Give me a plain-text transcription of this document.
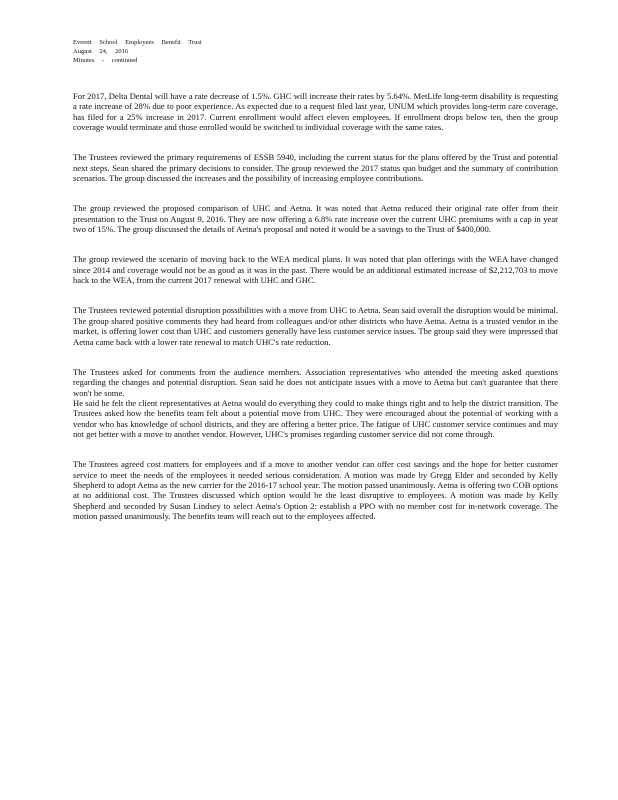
Everett School Employees Benefit Trust
August 24, 2016
Minutes - continued

For 2017, Delta Dental will have a rate decrease of 1.5%. GHC will increase their rates by 5.64%. MetLife long-term disability is requesting a rate increase of 28% due to poor experience. As expected due to a request filed last year, UNUM which provides long-term care coverage, has filed for a 25% increase in 2017. Current enrollment would affect eleven employees. If enrollment drops below ten, then the group coverage would terminate and those enrolled would be switched to individual coverage with the same rates.

The Trustees reviewed the primary requirements of ESSB 5940, including the current status for the plans offered by the Trust and potential next steps. Sean shared the primary decisions to consider. The group reviewed the 2017 status quo budget and the summary of contribution scenarios. The group discussed the increases and the possibility of increasing employee contributions.

The group reviewed the proposed comparison of UHC and Aetna. It was noted that Aetna reduced their original rate offer from their presentation to the Trust on August 9, 2016. They are now offering a 6.8% rate increase over the current UHC premiums with a cap in year two of 15%. The group discussed the details of Aetna's proposal and noted it would be a savings to the Trust of $400,000.

The group reviewed the scenario of moving back to the WEA medical plans. It was noted that plan offerings with the WEA have changed since 2014 and coverage would not be as good as it was in the past. There would be an additional estimated increase of $2,212,703 to move back to the WEA, from the current 2017 renewal with UHC and GHC.

The Trustees reviewed potential disruption possibilities with a move from UHC to Aetna. Sean said overall the disruption would be minimal. The group shared positive comments they had heard from colleagues and/or other districts who have Aetna. Aetna is a trusted vendor in the market, is offering lower cost than UHC and customers generally have less customer service issues. The group said they were impressed that Aetna came back with a lower rate renewal to match UHC's rate reduction.

The Trustees asked for comments from the audience members. Association representatives who attended the meeting asked questions regarding the changes and potential disruption. Sean said he does not anticipate issues with a move to Aetna but can't guarantee that there won't be some.

He said he felt the client representatives at Aetna would do everything they could to make things right and to help the district transition. The Trustees asked how the benefits team felt about a potential move from UHC. They were encouraged about the potential of working with a vendor who has knowledge of school districts, and they are offering a better price. The fatigue of UHC customer service continues and may not get better with a move to another vendor. However, UHC's promises regarding customer service did not come through.

The Trustees agreed cost matters for employees and if a move to another vendor can offer cost savings and the hope for better customer service to meet the needs of the employees it needed serious consideration. A motion was made by Gregg Elder and seconded by Kelly Shepherd to adopt Aetna as the new carrier for the 2016-17 school year. The motion passed unanimously. Aetna is offering two COB options at no additional cost. The Trustees discussed which option would be the least disruptive to employees. A motion was made by Kelly Shepherd and seconded by Susan Lindsey to select Aetna's Option 2: establish a PPO with no member cost for in-network coverage. The motion passed unanimously. The benefits team will reach out to the employees affected.
